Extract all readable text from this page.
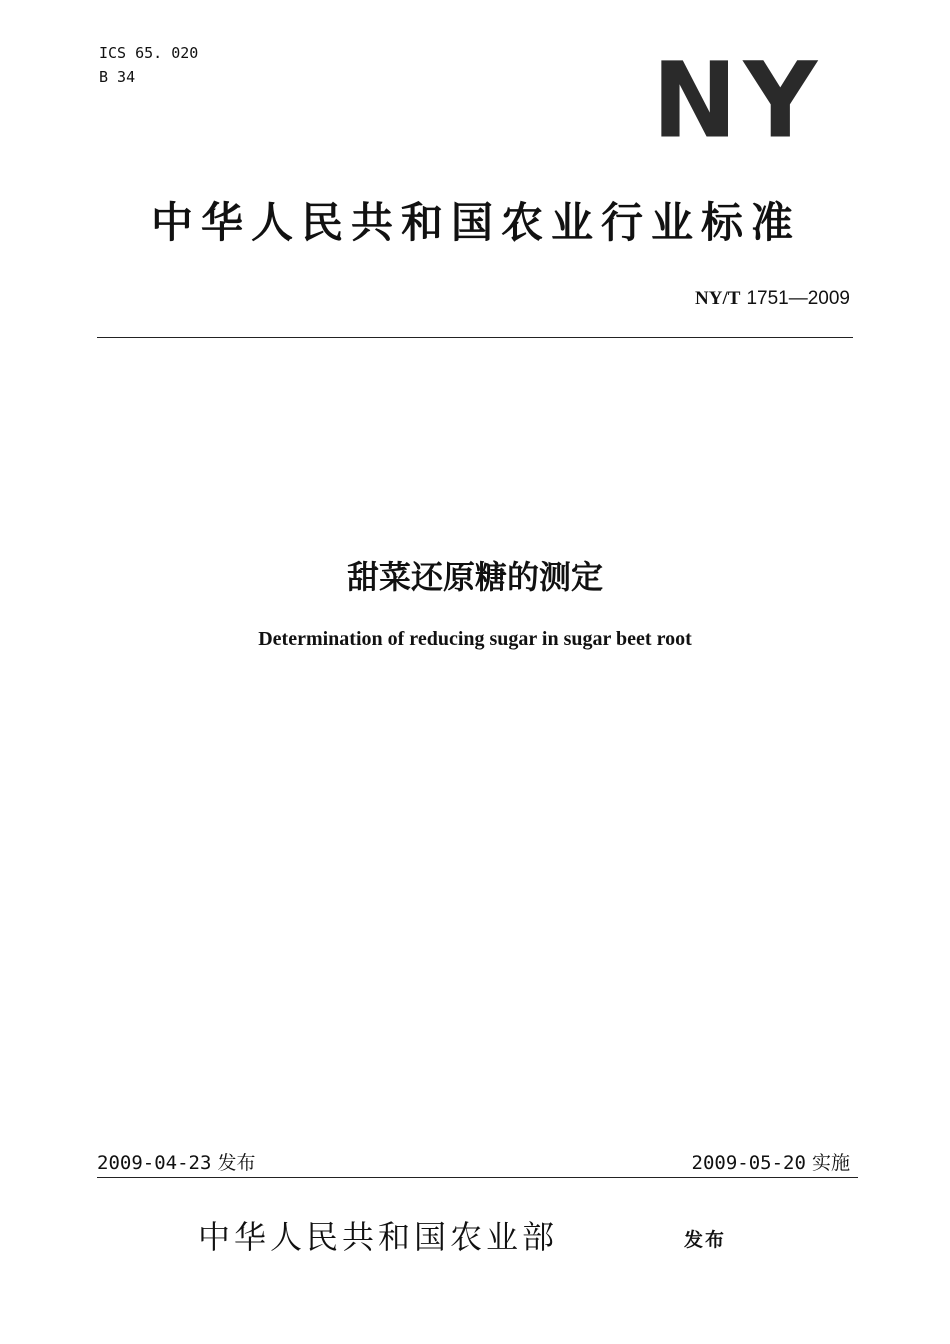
ICS 65. 020
B 34	NY
中华人民共和国农业行业标准
NY/T 1751—2009
甜菜还原糖的测定
Determination of reducing sugar in sugar beet root
2009-04-23 发布	2009-05-20 实施
中华人民共和国农业部	发布
